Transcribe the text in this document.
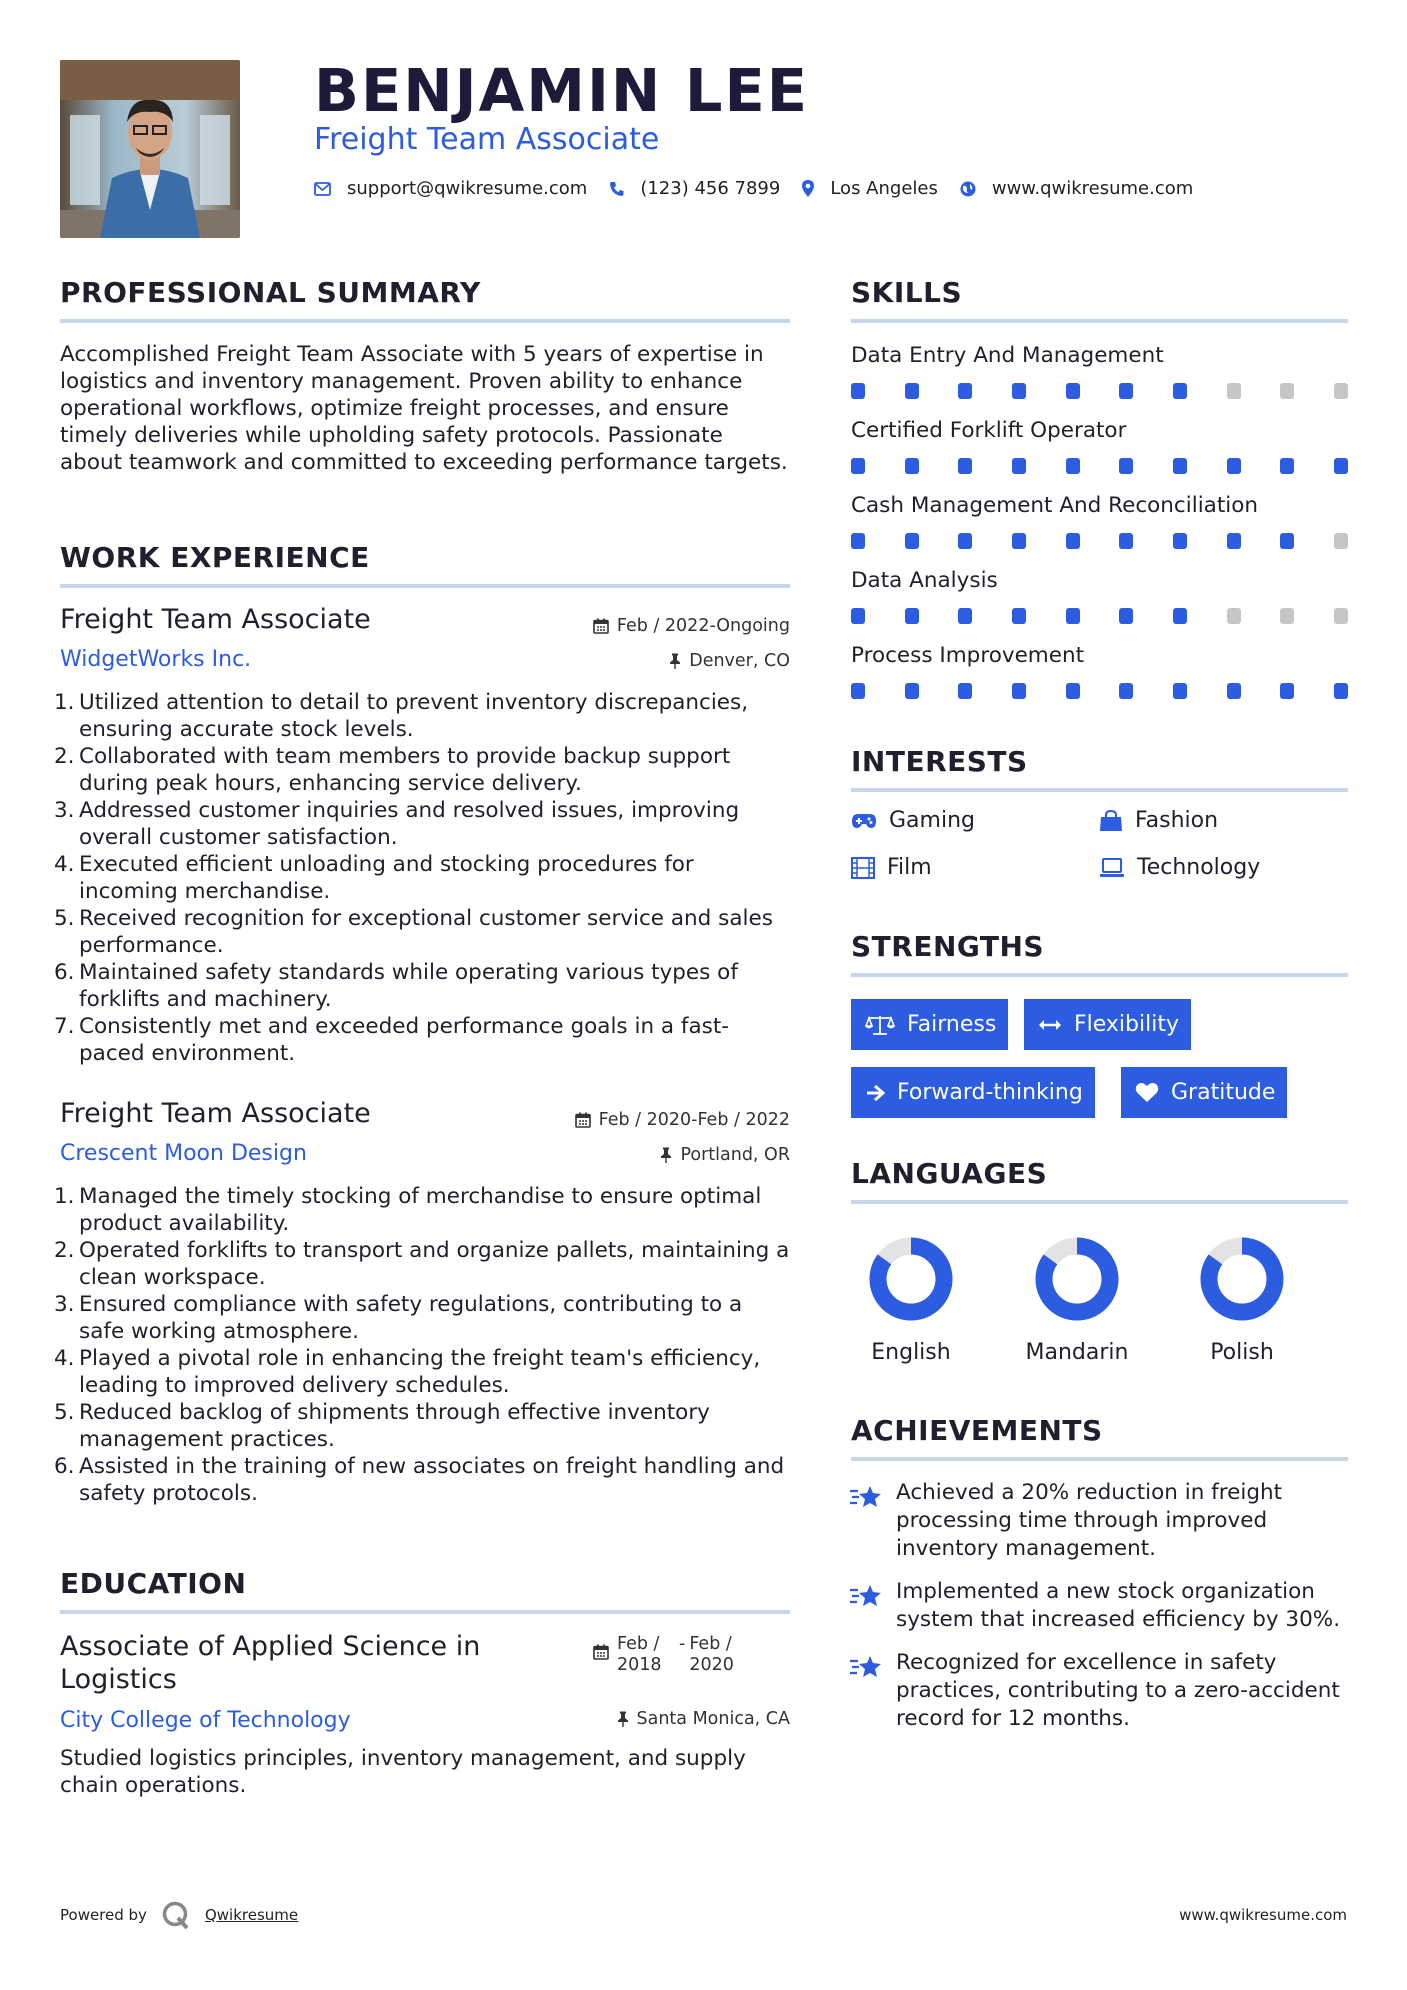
BENJAMIN LEE
Freight Team Associate
support@qwikresume.com	(123) 456 7899	Los Angeles	www.qwikresume.com
PROFESSIONAL SUMMARY
Accomplished Freight Team Associate with 5 years of expertise in logistics and inventory management. Proven ability to enhance operational workflows, optimize freight processes, and ensure timely deliveries while upholding safety protocols. Passionate about teamwork and committed to exceeding performance targets.
WORK EXPERIENCE
Freight Team Associate	Feb / 2022-Ongoing
WidgetWorks Inc.	Denver, CO
1. Utilized attention to detail to prevent inventory discrepancies, ensuring accurate stock levels.
2. Collaborated with team members to provide backup support during peak hours, enhancing service delivery.
3. Addressed customer inquiries and resolved issues, improving overall customer satisfaction.
4. Executed efficient unloading and stocking procedures for incoming merchandise.
5. Received recognition for exceptional customer service and sales performance.
6. Maintained safety standards while operating various types of forklifts and machinery.
7. Consistently met and exceeded performance goals in a fast-paced environment.
Freight Team Associate	Feb / 2020-Feb / 2022
Crescent Moon Design	Portland, OR
1. Managed the timely stocking of merchandise to ensure optimal product availability.
2. Operated forklifts to transport and organize pallets, maintaining a clean workspace.
3. Ensured compliance with safety regulations, contributing to a safe working atmosphere.
4. Played a pivotal role in enhancing the freight team's efficiency, leading to improved delivery schedules.
5. Reduced backlog of shipments through effective inventory management practices.
6. Assisted in the training of new associates on freight handling and safety protocols.
EDUCATION
Associate of Applied Science in Logistics
Feb / 2018
- Feb / 2020
City College of Technology	Santa Monica, CA
Studied logistics principles, inventory management, and supply chain operations.
SKILLS
Data Entry And Management
Certified Forklift Operator
Cash Management And Reconciliation
Data Analysis
Process Improvement
INTERESTS
Gaming	Fashion
Film	Technology
STRENGTHS
Fairness	Flexibility
Forward-thinking	Gratitude
LANGUAGES
English	Mandarin	Polish
ACHIEVEMENTS
Achieved a 20% reduction in freight processing time through improved inventory management.
Implemented a new stock organization system that increased efficiency by 30%.
Recognized for excellence in safety practices, contributing to a zero-accident record for 12 months.
Powered by	Qwikresume	www.qwikresume.com
